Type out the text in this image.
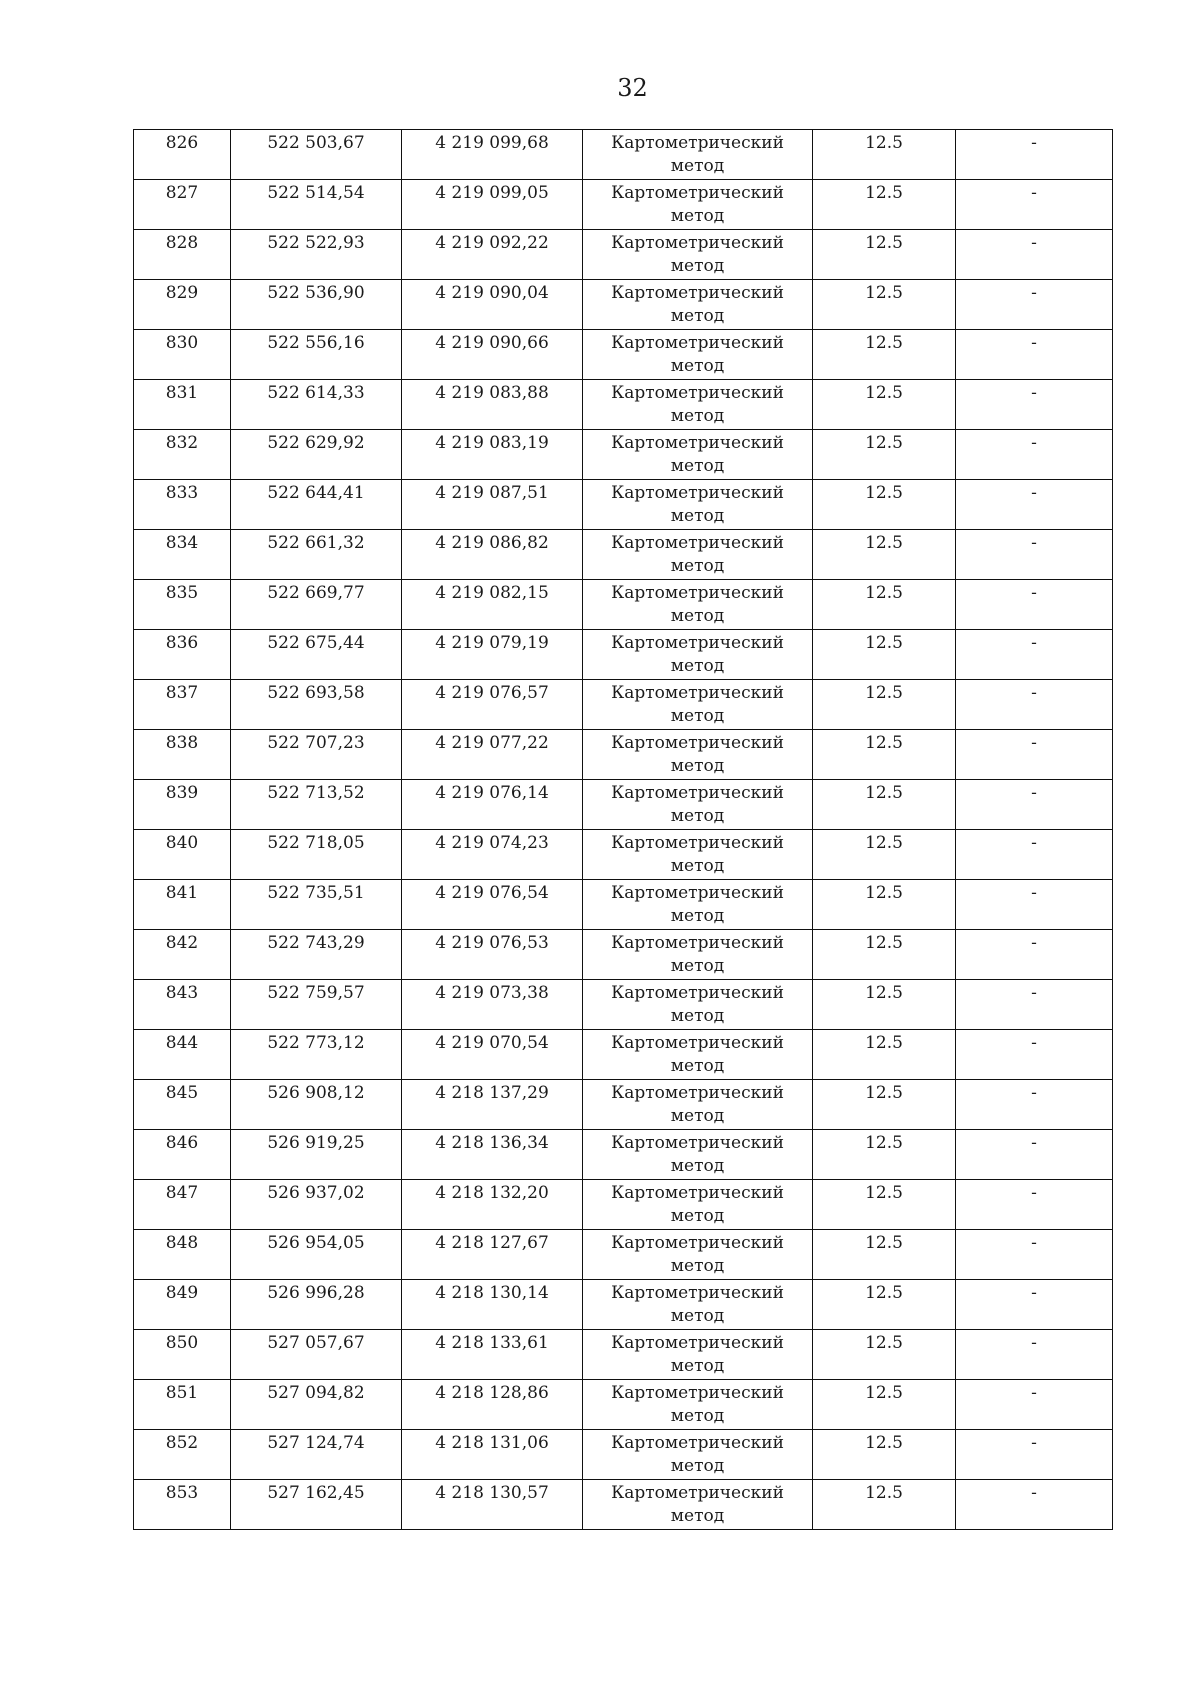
32
826	522 503,67	4 219 099,68	Картометрический метод	12.5	-
827	522 514,54	4 219 099,05	Картометрический метод	12.5	-
828	522 522,93	4 219 092,22	Картометрический метод	12.5	-
829	522 536,90	4 219 090,04	Картометрический метод	12.5	-
830	522 556,16	4 219 090,66	Картометрический метод	12.5	-
831	522 614,33	4 219 083,88	Картометрический метод	12.5	-
832	522 629,92	4 219 083,19	Картометрический метод	12.5	-
833	522 644,41	4 219 087,51	Картометрический метод	12.5	-
834	522 661,32	4 219 086,82	Картометрический метод	12.5	-
835	522 669,77	4 219 082,15	Картометрический метод	12.5	-
836	522 675,44	4 219 079,19	Картометрический метод	12.5	-
837	522 693,58	4 219 076,57	Картометрический метод	12.5	-
838	522 707,23	4 219 077,22	Картометрический метод	12.5	-
839	522 713,52	4 219 076,14	Картометрический метод	12.5	-
840	522 718,05	4 219 074,23	Картометрический метод	12.5	-
841	522 735,51	4 219 076,54	Картометрический метод	12.5	-
842	522 743,29	4 219 076,53	Картометрический метод	12.5	-
843	522 759,57	4 219 073,38	Картометрический метод	12.5	-
844	522 773,12	4 219 070,54	Картометрический метод	12.5	-
845	526 908,12	4 218 137,29	Картометрический метод	12.5	-
846	526 919,25	4 218 136,34	Картометрический метод	12.5	-
847	526 937,02	4 218 132,20	Картометрический метод	12.5	-
848	526 954,05	4 218 127,67	Картометрический метод	12.5	-
849	526 996,28	4 218 130,14	Картометрический метод	12.5	-
850	527 057,67	4 218 133,61	Картометрический метод	12.5	-
851	527 094,82	4 218 128,86	Картометрический метод	12.5	-
852	527 124,74	4 218 131,06	Картометрический метод	12.5	-
853	527 162,45	4 218 130,57	Картометрический метод	12.5	-
